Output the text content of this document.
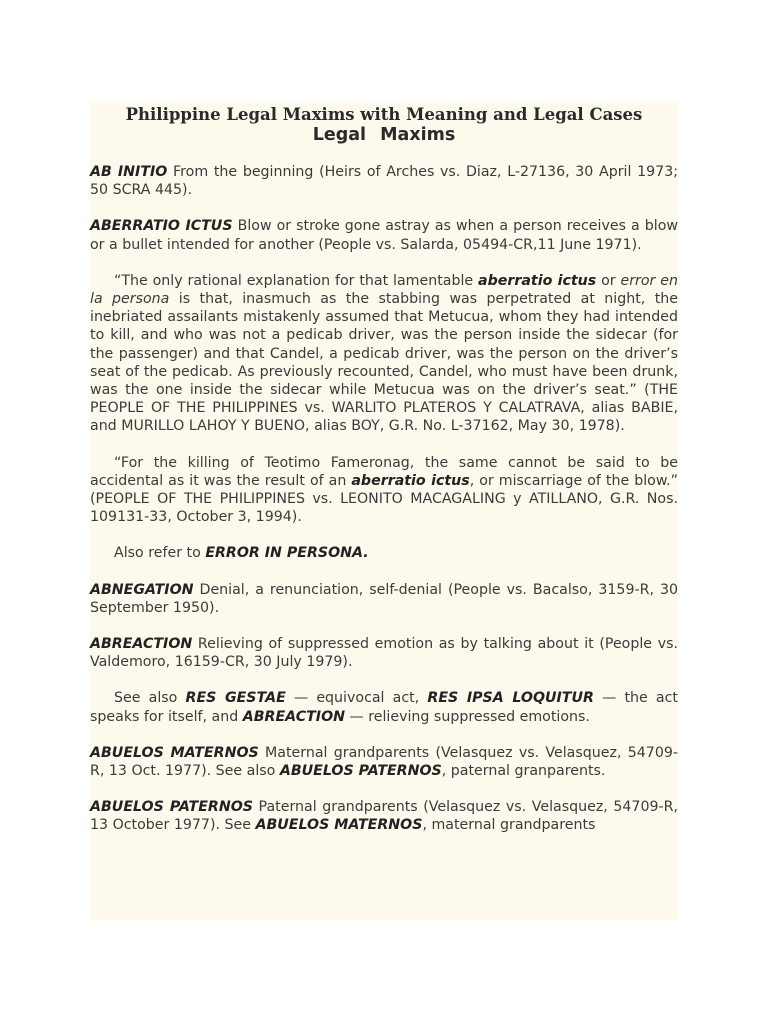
Philippine Legal Maxims with Meaning and Legal Cases
Legal Maxims

AB INITIO From the beginning (Heirs of Arches vs. Diaz, L-27136, 30 April 1973; 50 SCRA 445).

ABERRATIO ICTUS Blow or stroke gone astray as when a person receives a blow or a bullet intended for another (People vs. Salarda, 05494-CR,11 June 1971).

“The only rational explanation for that lamentable aberratio ictus or error en la persona is that, inasmuch as the stabbing was perpetrated at night, the inebriated assailants mistakenly assumed that Metucua, whom they had intended to kill, and who was not a pedicab driver, was the person inside the sidecar (for the passenger) and that Candel, a pedicab driver, was the person on the driver’s seat of the pedicab. As previously recounted, Candel, who must have been drunk, was the one inside the sidecar while Metucua was on the driver’s seat.” (THE PEOPLE OF THE PHILIPPINES vs. WARLITO PLATEROS Y CALATRAVA, alias BABIE, and MURILLO LAHOY Y BUENO, alias BOY, G.R. No. L-37162, May 30, 1978).

“For the killing of Teotimo Fameronag, the same cannot be said to be accidental as it was the result of an aberratio ictus, or miscarriage of the blow.” (PEOPLE OF THE PHILIPPINES vs. LEONITO MACAGALING y ATILLANO, G.R. Nos. 109131-33, October 3, 1994).

Also refer to ERROR IN PERSONA.

ABNEGATION Denial, a renunciation, self-denial (People vs. Bacalso, 3159-R, 30 September 1950).

ABREACTION Relieving of suppressed emotion as by talking about it (People vs. Valdemoro, 16159-CR, 30 July 1979).

See also RES GESTAE — equivocal act, RES IPSA LOQUITUR — the act speaks for itself, and ABREACTION — relieving suppressed emotions.

ABUELOS MATERNOS Maternal grandparents (Velasquez vs. Velasquez, 54709-R, 13 Oct. 1977). See also ABUELOS PATERNOS, paternal granparents.

ABUELOS PATERNOS Paternal grandparents (Velasquez vs. Velasquez, 54709-R, 13 October 1977). See ABUELOS MATERNOS, maternal grandparents
